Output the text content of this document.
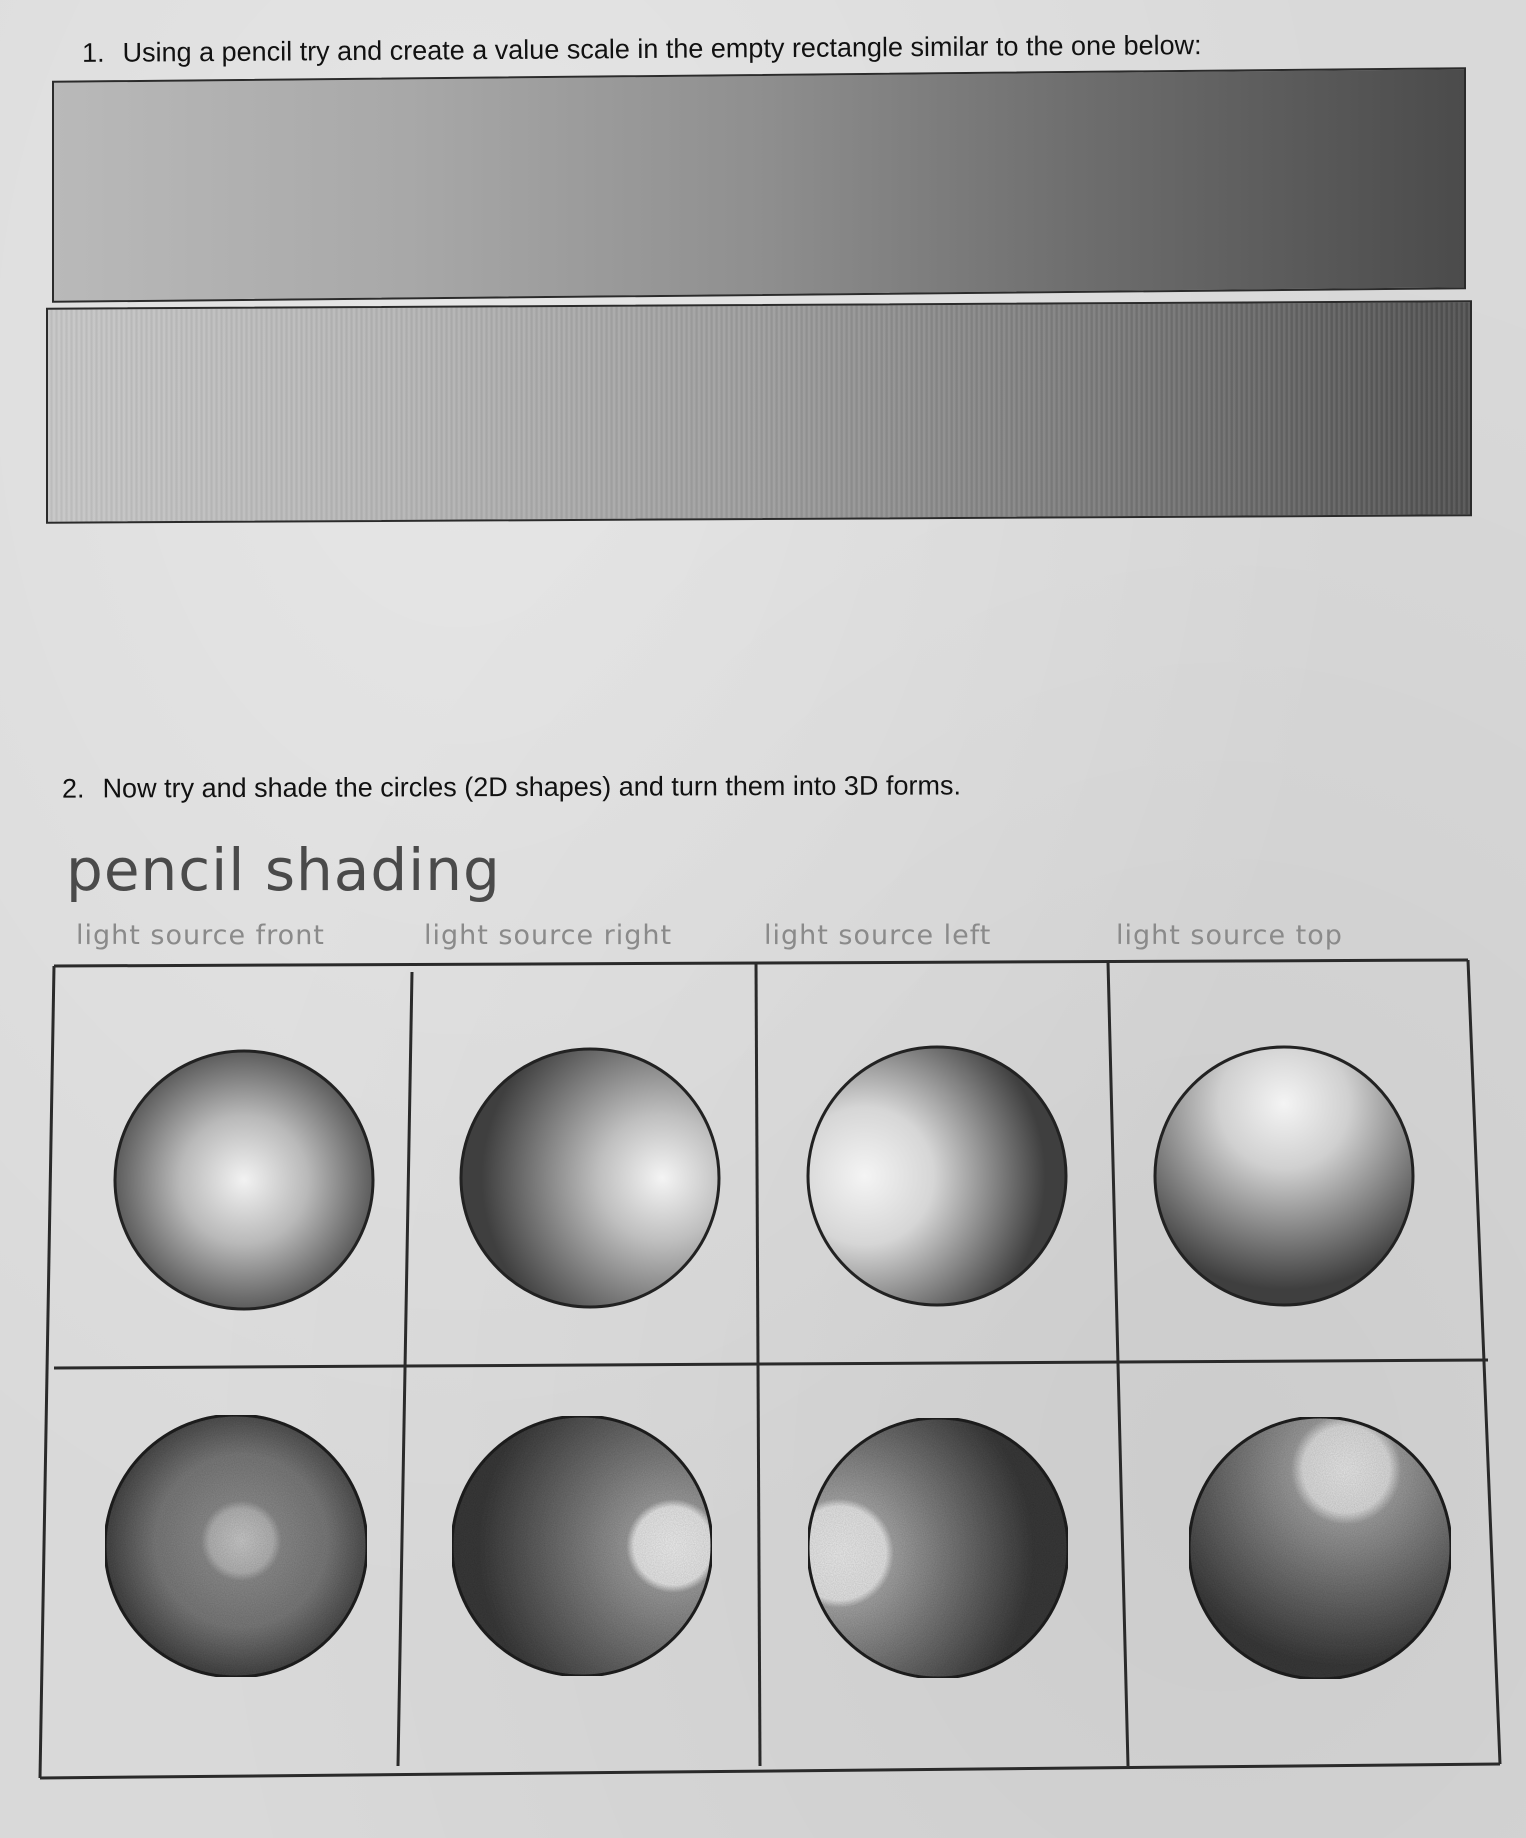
1. Using a pencil try and create a value scale in the empty rectangle similar to the one below:
2. Now try and shade the circles (2D shapes) and turn them into 3D forms.
pencil shading
light source front	light source right	light source left	light source top
